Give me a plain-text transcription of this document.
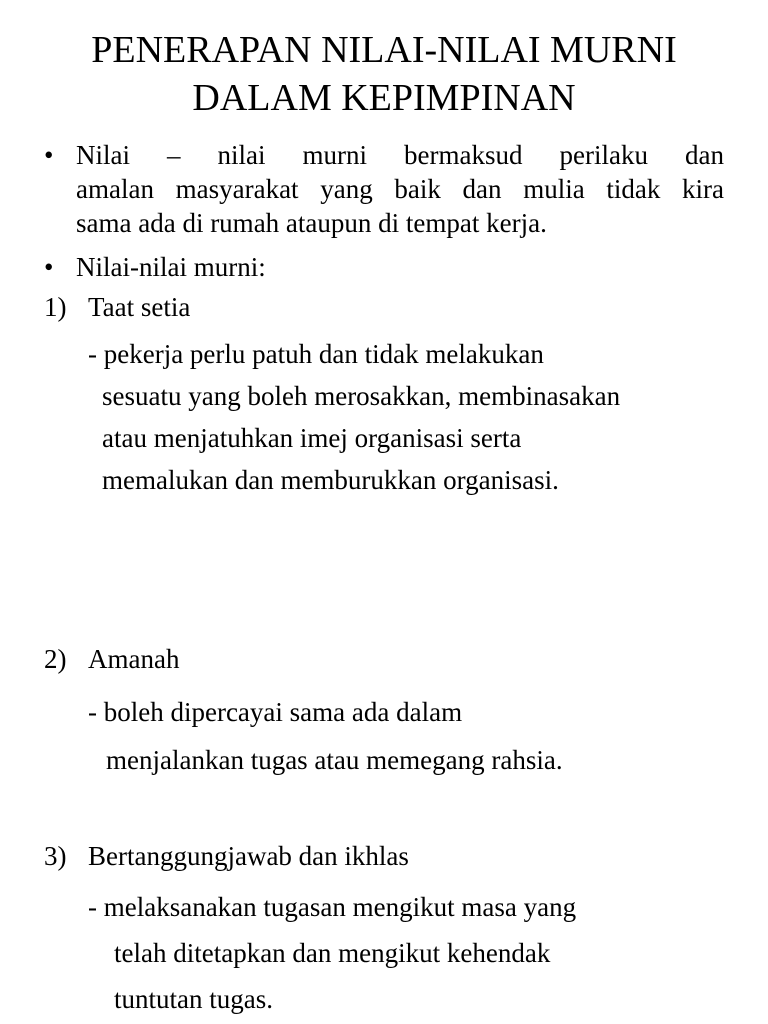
PENERAPAN NILAI-NILAI MURNI
DALAM KEPIMPINAN
• Nilai – nilai murni bermaksud perilaku dan
amalan masyarakat yang baik dan mulia tidak kira
sama ada di rumah ataupun di tempat kerja.
• Nilai-nilai murni:
1) Taat setia
- pekerja perlu patuh dan tidak melakukan
sesuatu yang boleh merosakkan, membinasakan
atau menjatuhkan imej organisasi serta
memalukan dan memburukkan organisasi.
2) Amanah
- boleh dipercayai sama ada dalam
menjalankan tugas atau memegang rahsia.
3) Bertanggungjawab dan ikhlas
- melaksanakan tugasan mengikut masa yang
telah ditetapkan dan mengikut kehendak
tuntutan tugas.
